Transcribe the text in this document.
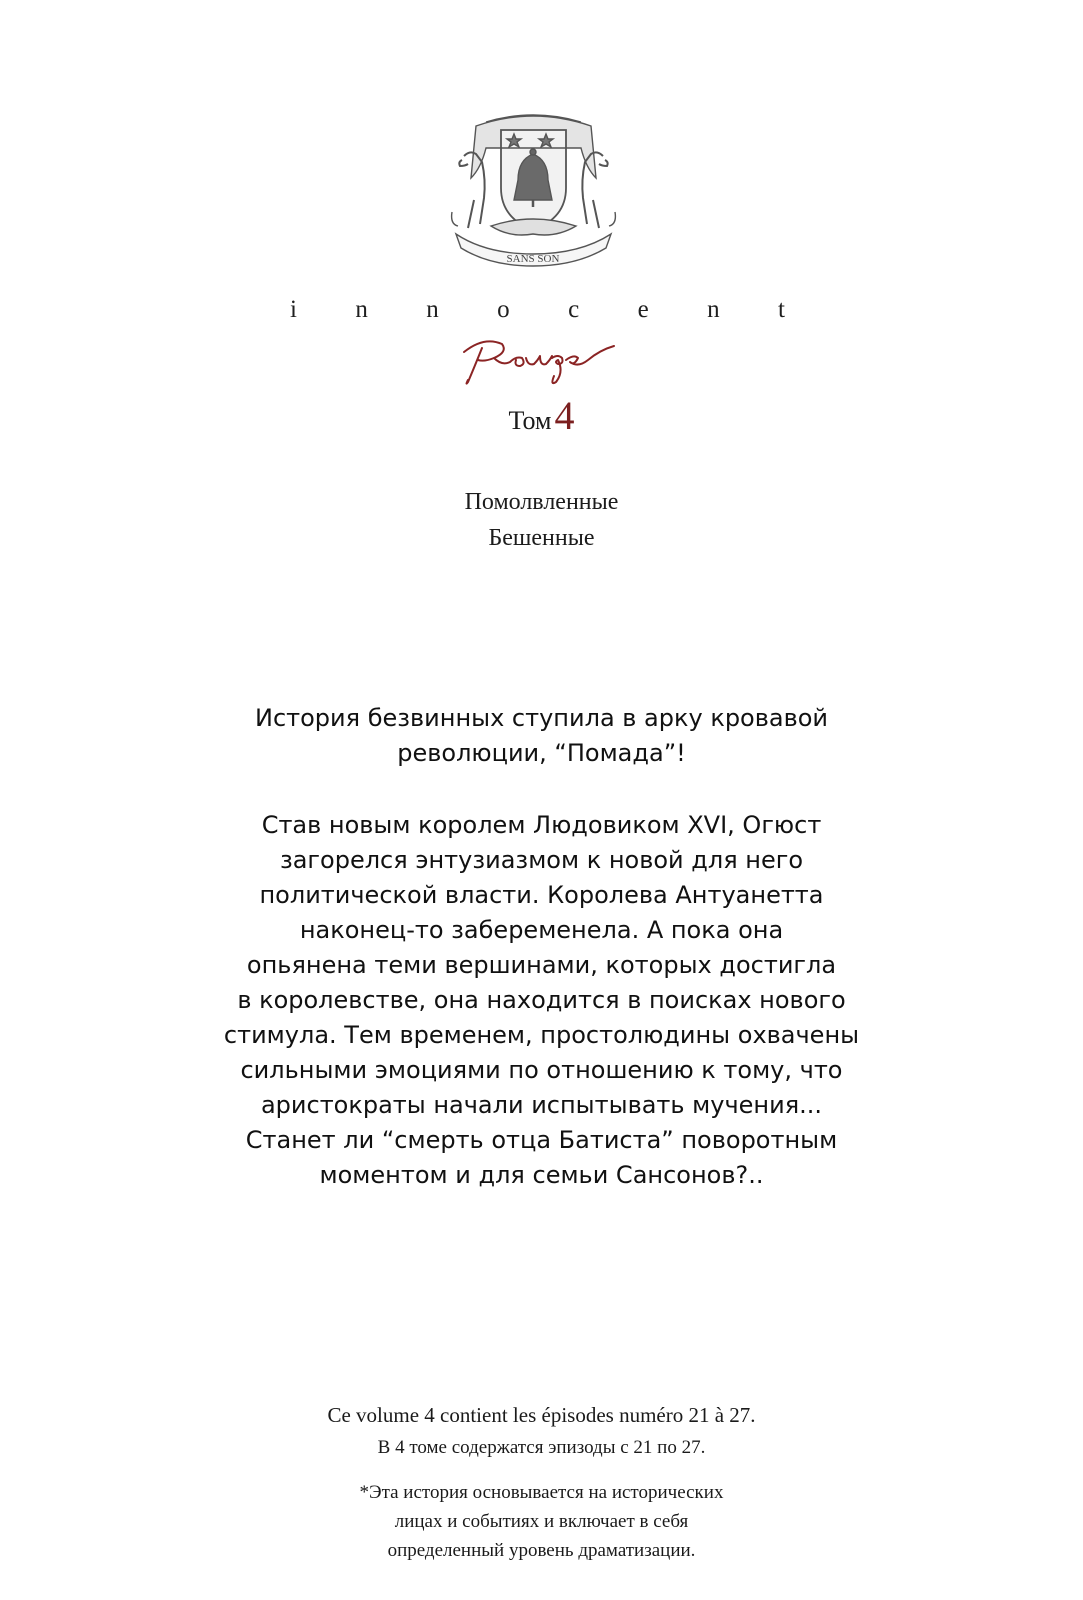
SANS SON
i n n o c e n t
Том4
Помолвленные
Бешенные
История безвинных ступила в арку кровавой
революции, “Помада”!
Став новым королем Людовиком XVI, Огюст
загорелся энтузиазмом к новой для него
политической власти. Королева Антуанетта
наконец-то забеременела. А пока она
опьянена теми вершинами, которых достигла
в королевстве, она находится в поисках нового
стимула. Тем временем, простолюдины охвачены
сильными эмоциями по отношению к тому, что
аристократы начали испытывать мучения...
Станет ли “смерть отца Батиста” поворотным
моментом и для семьи Сансонов?..
Ce volume 4 contient les épisodes numéro 21 à 27.
В 4 томе содержатся эпизоды с 21 по 27.
*Эта история основывается на исторических
лицах и событиях и включает в себя
определенный уровень драматизации.
